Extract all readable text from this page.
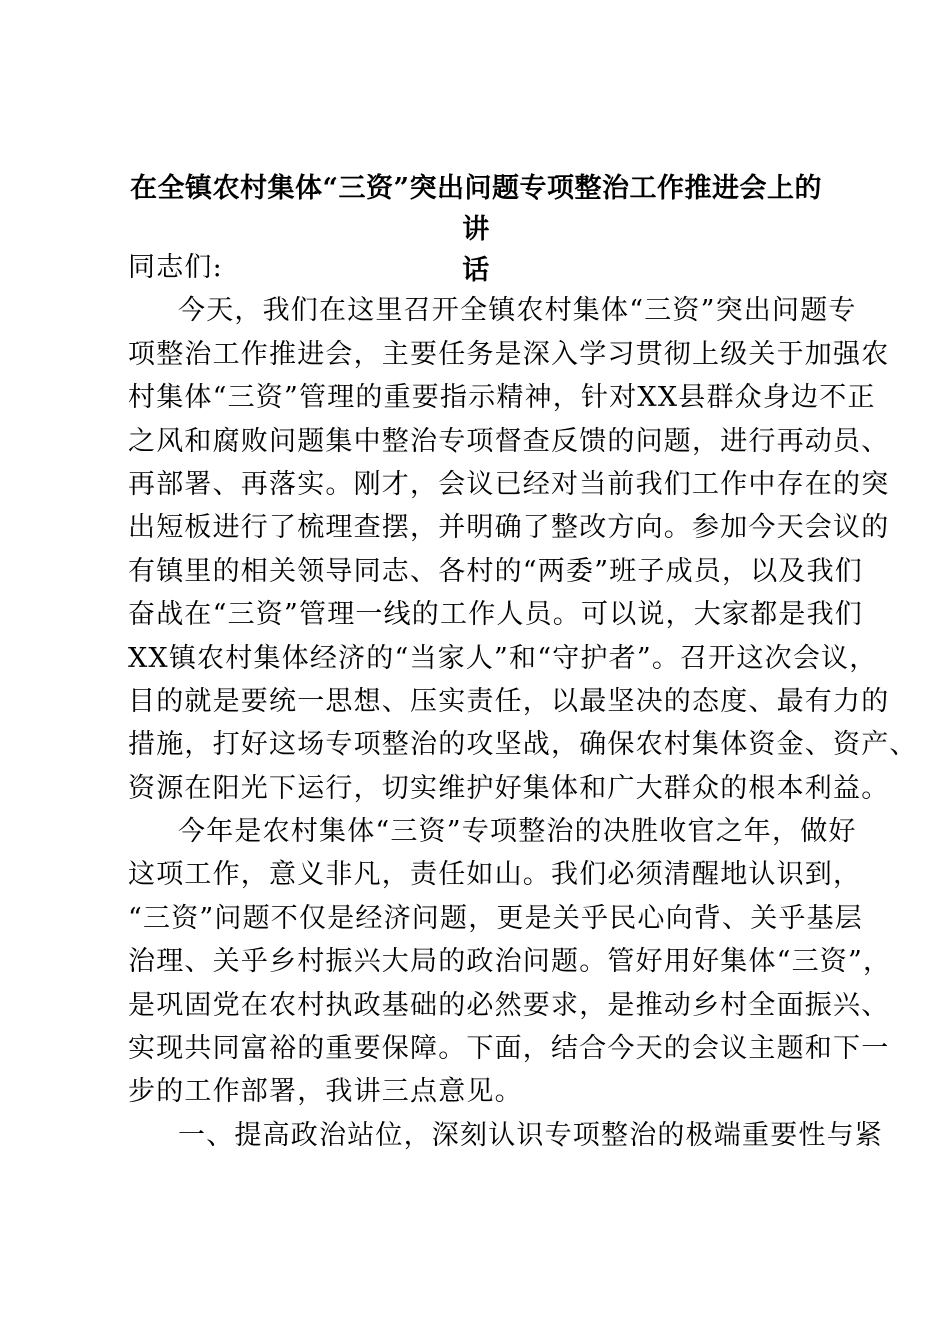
在全镇农村集体“三资”突出问题专项整治工作推进会上的讲
话
同志们:
今天，我们在这里召开全镇农村集体“三资”突出问题专
项整治工作推进会，主要任务是深入学习贯彻上级关于加强农
村集体“三资”管理的重要指示精神，针对XX县群众身边不正
之风和腐败问题集中整治专项督查反馈的问题，进行再动员、
再部署、再落实。刚才，会议已经对当前我们工作中存在的突
出短板进行了梳理查摆，并明确了整改方向。参加今天会议的
有镇里的相关领导同志、各村的“两委”班子成员，以及我们
奋战在“三资”管理一线的工作人员。可以说，大家都是我们
XX镇农村集体经济的“当家人”和“守护者”。召开这次会议，
目的就是要统一思想、压实责任，以最坚决的态度、最有力的
措施，打好这场专项整治的攻坚战，确保农村集体资金、资产、
资源在阳光下运行，切实维护好集体和广大群众的根本利益。
今年是农村集体“三资”专项整治的决胜收官之年，做好
这项工作，意义非凡，责任如山。我们必须清醒地认识到，
“三资”问题不仅是经济问题，更是关乎民心向背、关乎基层
治理、关乎乡村振兴大局的政治问题。管好用好集体“三资”，
是巩固党在农村执政基础的必然要求，是推动乡村全面振兴、
实现共同富裕的重要保障。下面，结合今天的会议主题和下一
步的工作部署，我讲三点意见。
一、提高政治站位，深刻认识专项整治的极端重要性与紧
